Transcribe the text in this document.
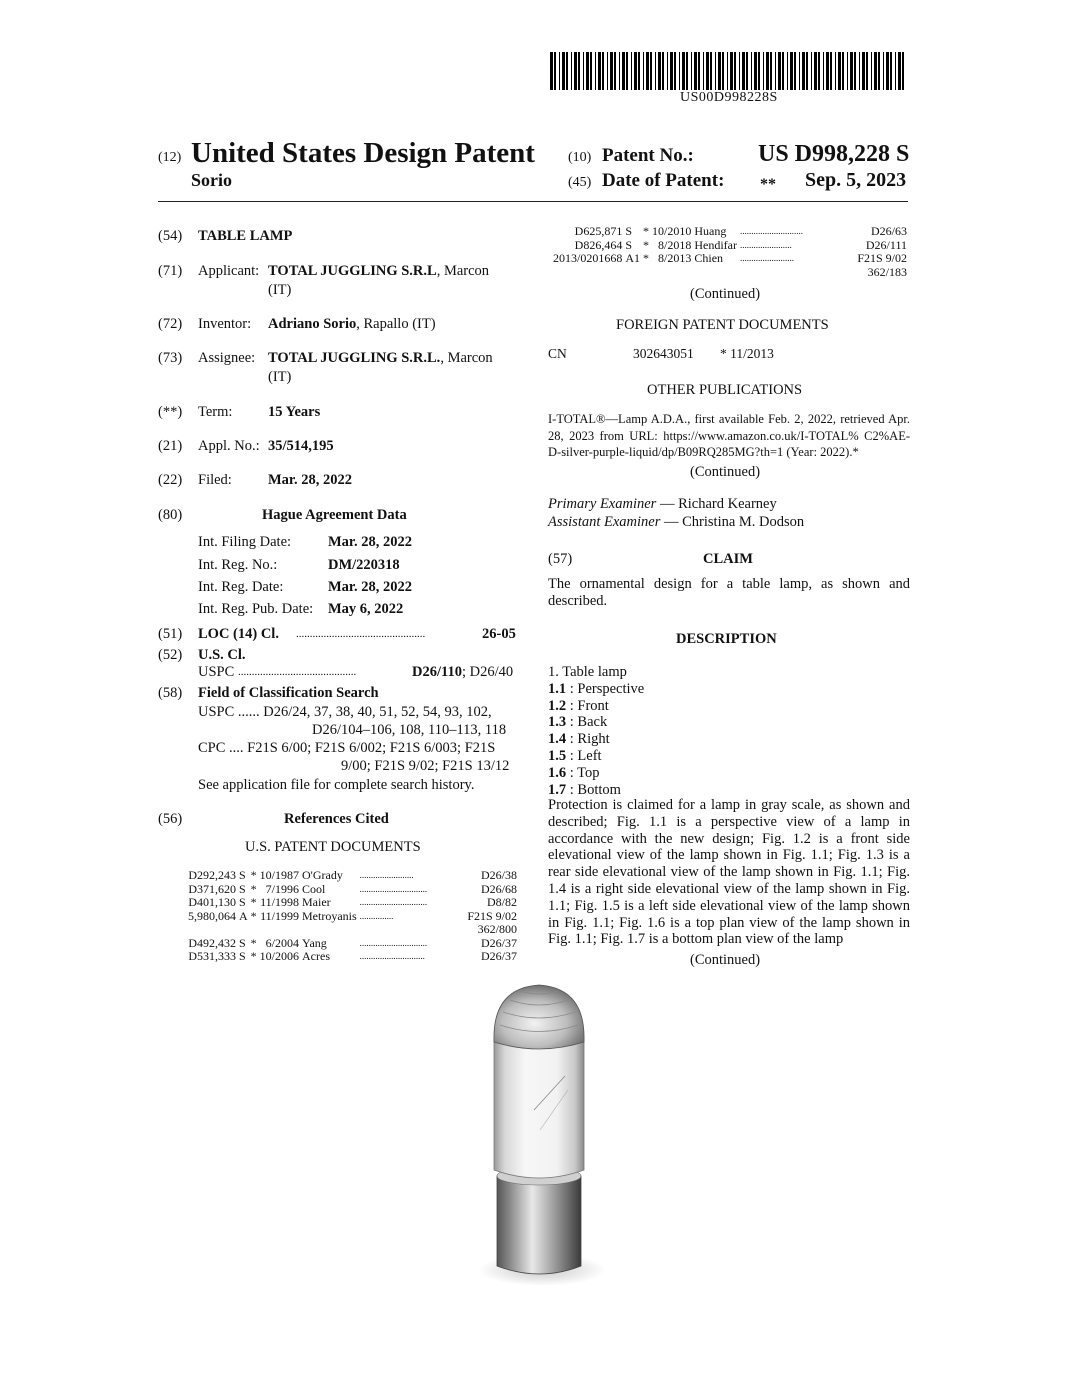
US00D998228S
(12) United States Design Patent
Sorio
(10) Patent No.:	US D998,228 S
(45) Date of Patent: ** Sep. 5, 2023
(54) TABLE LAMP
(71) Applicant: TOTAL JUGGLING S.R.L, Marcon
(IT)
(72) Inventor: Adriano Sorio, Rapallo (IT)
(73) Assignee: TOTAL JUGGLING S.R.L., Marcon
(IT)
(**) Term: 15 Years
(21) Appl. No.: 35/514,195
(22) Filed: Mar. 28, 2022
(80)	Hague Agreement Data
Int. Filing Date:	Mar. 28, 2022
Int. Reg. No.:	DM/220318
Int. Reg. Date:	Mar. 28, 2022
Int. Reg. Pub. Date: May 6, 2022
(51) LOC (14) Cl. ...............................................	26-05
(52) U.S. Cl.
USPC ...........................................	D26/110; D26/40
(58) Field of Classification Search
USPC ...... D26/24, 37, 38, 40, 51, 52, 54, 93, 102,
D26/104–106, 108, 110–113, 118
CPC .... F21S 6/00; F21S 6/002; F21S 6/003; F21S
9/00; F21S 9/02; F21S 13/12
See application file for complete search history.
(56)	References Cited
U.S. PATENT DOCUMENTS
D292,243	S	*	10/1987	O'Grady	........................	D26/38
D371,620	S	*	7/1996	Cool	..............................	D26/68
D401,130	S	*	11/1998	Maier	..............................	D8/82
5,980,064	A	*	11/1999	Metroyanis	...............	F21S 9/02
						362/800
D492,432	S	*	6/2004	Yang	..............................	D26/37
D531,333	S	*	10/2006	Acres	.............................	D26/37
D625,871	S	*	10/2010	Huang	............................	D26/63
D826,464	S	*	8/2018	Hendifar	.......................	D26/111
2013/0201668	A1	*	8/2013	Chien	........................	F21S 9/02
						362/183
(Continued)
FOREIGN PATENT DOCUMENTS
CN	302643051 * 11/2013
OTHER PUBLICATIONS
I-TOTAL®—Lamp A.D.A., first available Feb. 2, 2022, retrieved Apr. 28, 2023 from URL: https://www.amazon.co.uk/I-TOTAL% C2%AE-D-silver-purple-liquid/dp/B09RQ285MG?th=1 (Year: 2022).*
(Continued)
Primary Examiner — Richard Kearney
Assistant Examiner — Christina M. Dodson
(57)	CLAIM
The ornamental design for a table lamp, as shown and described.
DESCRIPTION
1. Table lamp
1.1 : Perspective
1.2 : Front
1.3 : Back
1.4 : Right
1.5 : Left
1.6 : Top
1.7 : Bottom
Protection is claimed for a lamp in gray scale, as shown and described; Fig. 1.1 is a perspective view of a lamp in accordance with the new design; Fig. 1.2 is a front side elevational view of the lamp shown in Fig. 1.1; Fig. 1.3 is a rear side elevational view of the lamp shown in Fig. 1.1; Fig. 1.4 is a right side elevational view of the lamp shown in Fig. 1.1; Fig. 1.5 is a left side elevational view of the lamp shown in Fig. 1.1; Fig. 1.6 is a top plan view of the lamp shown in Fig. 1.1; Fig. 1.7 is a bottom plan view of the lamp
(Continued)
